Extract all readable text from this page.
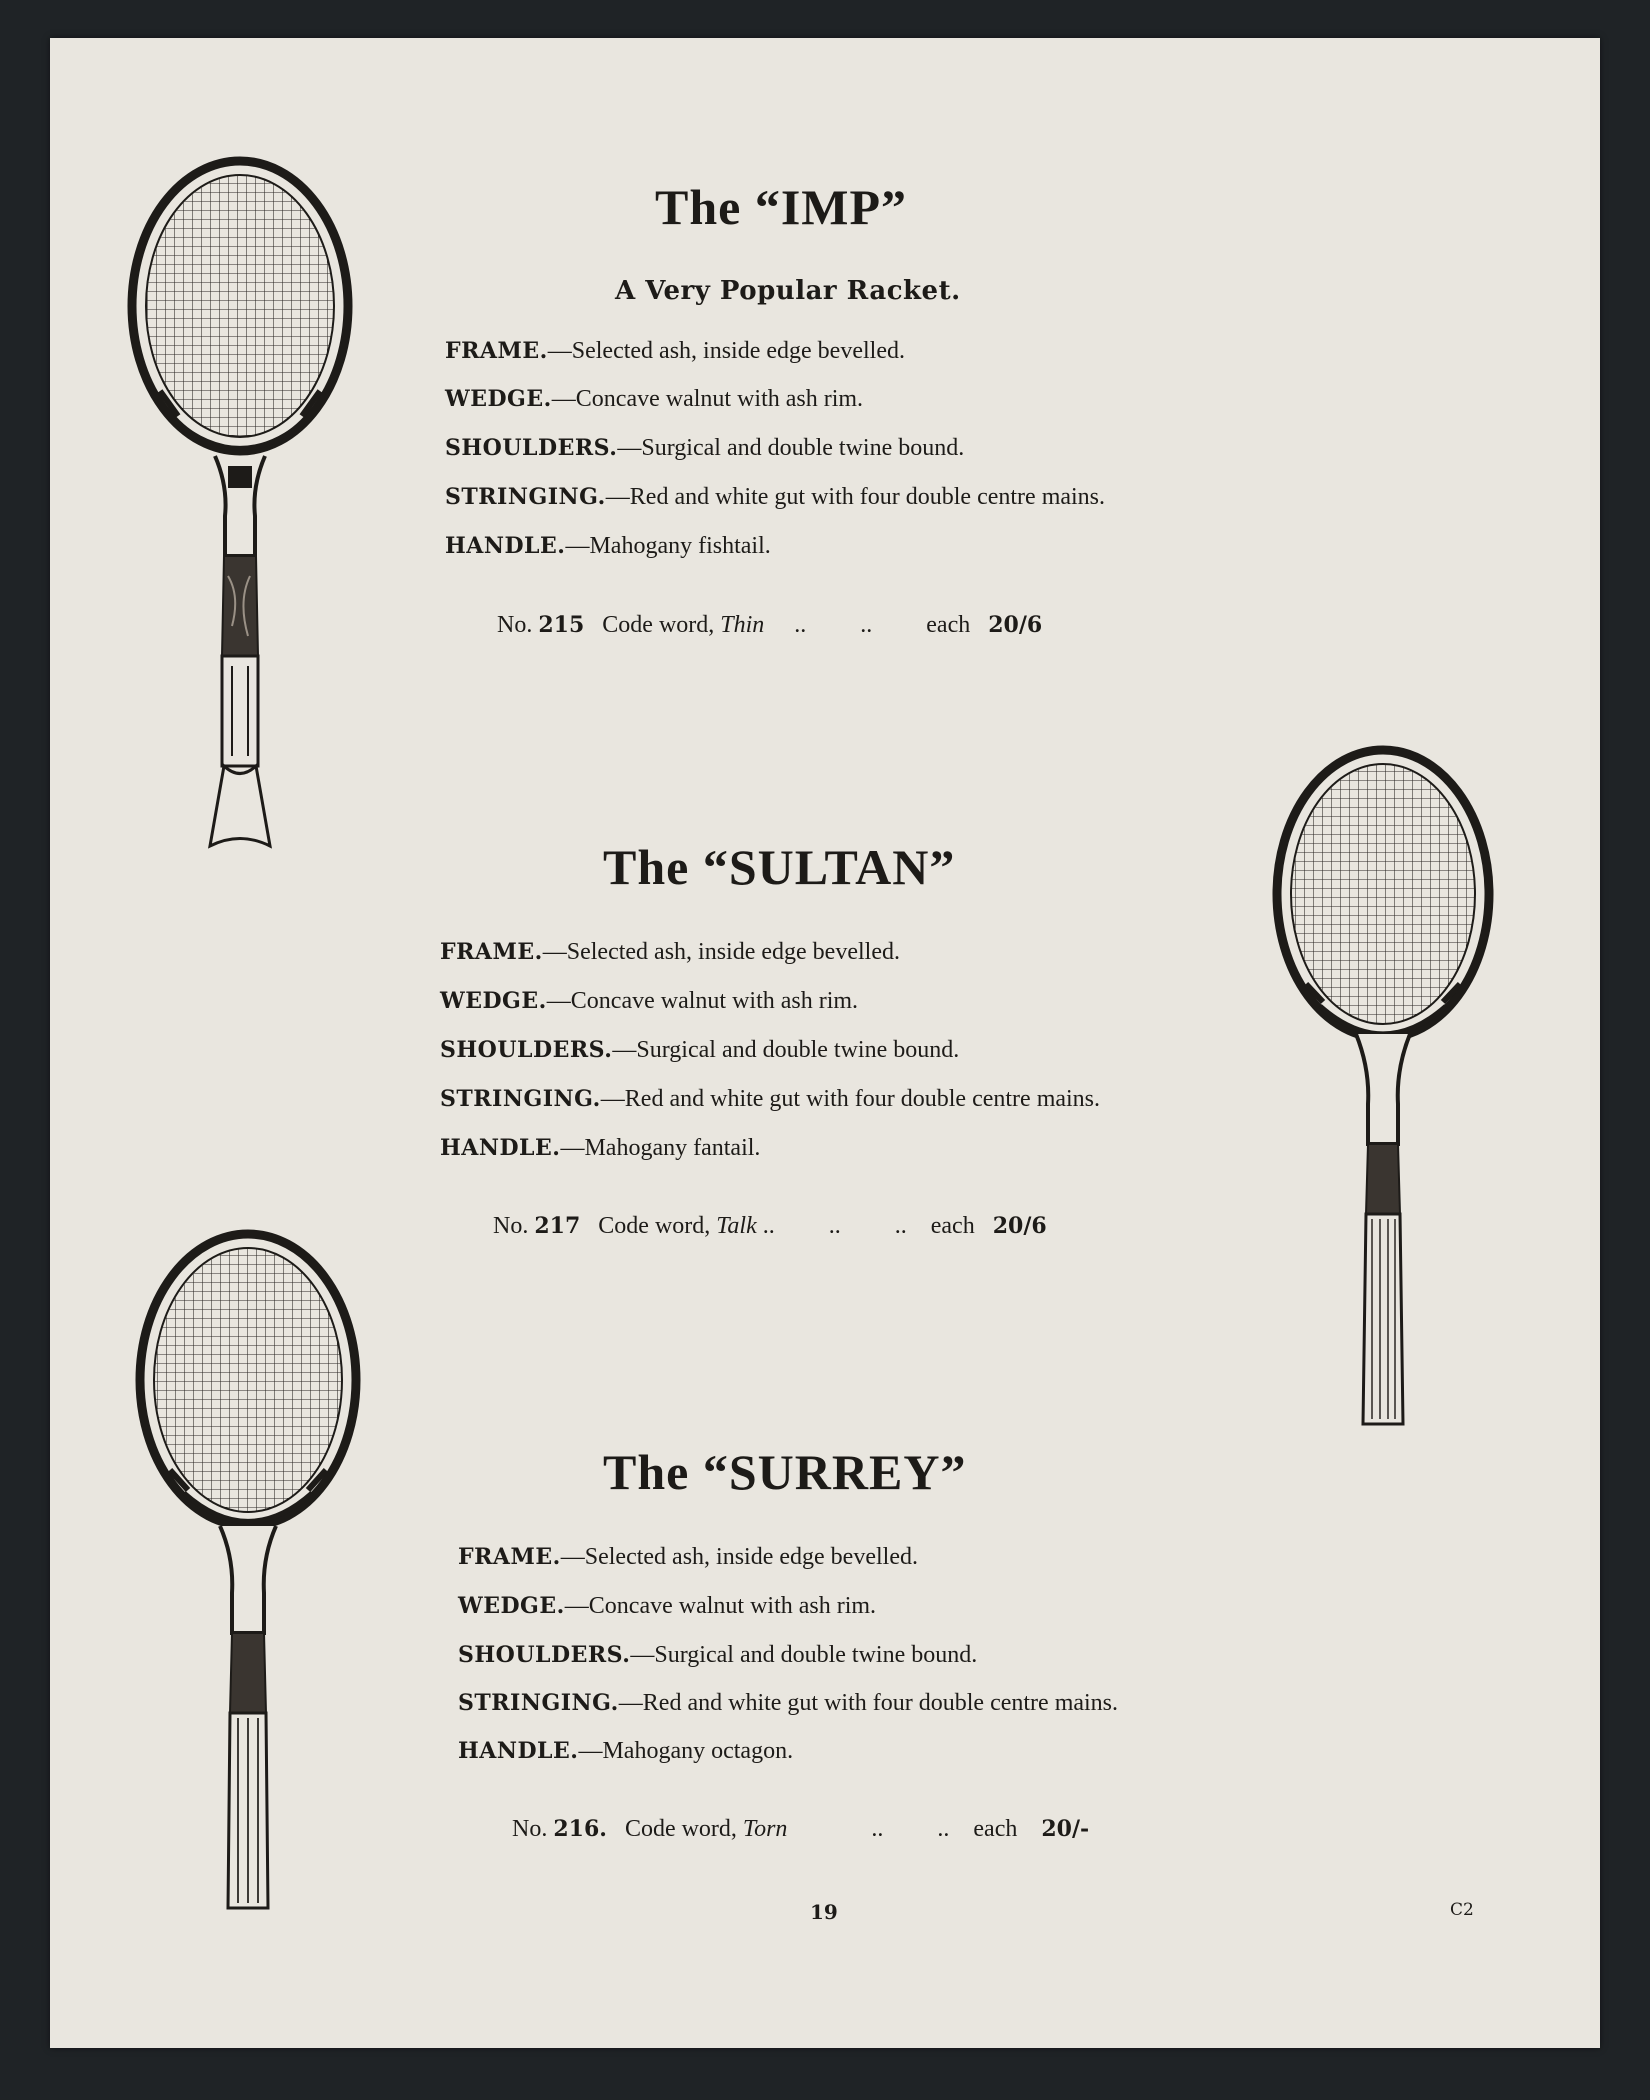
The “IMP”
A Very Popular Racket.
FRAME.—Selected ash, inside edge bevelled.
WEDGE.—Concave walnut with ash rim.
SHOULDERS.—Surgical and double twine bound.
STRINGING.—Red and white gut with four double centre mains.
HANDLE.—Mahogany fishtail.
No. 215 Code word, Thin .. .. each 20/6
The “SULTAN”
FRAME.—Selected ash, inside edge bevelled.
WEDGE.—Concave walnut with ash rim.
SHOULDERS.—Surgical and double twine bound.
STRINGING.—Red and white gut with four double centre mains.
HANDLE.—Mahogany fantail.
No. 217 Code word, Talk .. .. .. each 20/6
The “SURREY”
FRAME.—Selected ash, inside edge bevelled.
WEDGE.—Concave walnut with ash rim.
SHOULDERS.—Surgical and double twine bound.
STRINGING.—Red and white gut with four double centre mains.
HANDLE.—Mahogany octagon.
No. 216. Code word, Torn	.. .. each 20/-
19	C2
